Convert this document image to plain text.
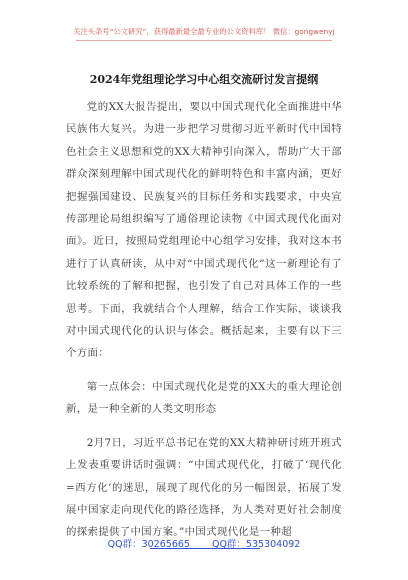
关注头条号“公文研究”，获得最新最全最专业的公文资料库！ 微信：gongwenyj
2024年党组理论学习中心组交流研讨发言提纲

党的XX大报告提出，要以中国式现代化全面推进中华民族伟大复兴。为进一步把学习贯彻习近平新时代中国特色社会主义思想和党的XX大精神引向深入，帮助广大干部群众深刻理解中国式现代化的鲜明特色和丰富内涵，更好把握强国建设、民族复兴的目标任务和实践要求，中央宣传部理论局组织编写了通俗理论读物《中国式现代化面对面》。近日，按照局党组理论中心组学习安排，我对这本书进行了认真研读，从中对“中国式现代化”这一新理论有了比较系统的了解和把握，也引发了自己对具体工作的一些思考。下面，我就结合个人理解，结合工作实际，谈谈我对中国式现代化的认识与体会。概括起来，主要有以下三个方面：

第一点体会：中国式现代化是党的XX大的重大理论创新，是一种全新的人类文明形态

2月7日，习近平总书记在党的XX大精神研讨班开班式上发表重要讲话时强调：“中国式现代化，打破了‘现代化=西方化’的迷思，展现了现代化的另一幅图景，拓展了发展中国家走向现代化的路径选择，为人类对更好社会制度的探索提供了中国方案。”中国式现代化是一种超

QQ群：30265665 QQ群：535304092
